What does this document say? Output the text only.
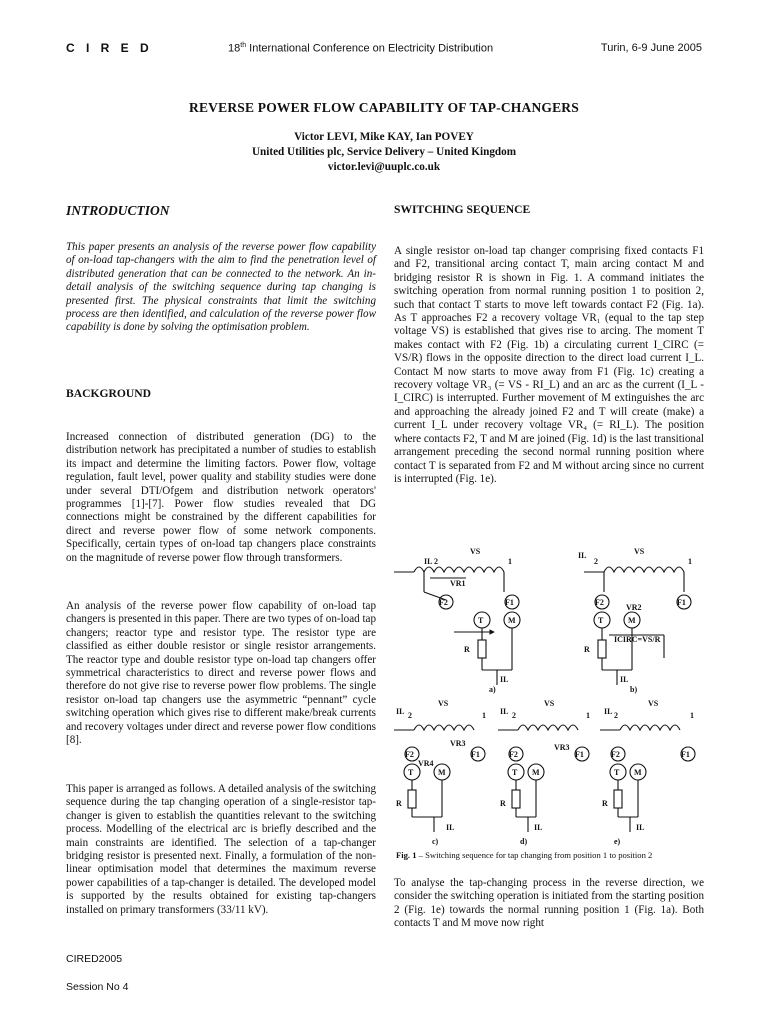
C I R E D	18th International Conference on Electricity Distribution	Turin, 6-9 June 2005
REVERSE POWER FLOW CAPABILITY OF TAP-CHANGERS
Victor LEVI, Mike KAY, Ian POVEY
United Utilities plc, Service Delivery – United Kingdom
victor.levi@uuplc.co.uk
INTRODUCTION

This paper presents an analysis of the reverse power flow capability of on-load tap-changers with the aim to find the penetration level of distributed generation that can be connected to the network. An in-detail analysis of the switching sequence during tap changing is presented first. The physical constraints that limit the switching process are then identified, and calculation of the reverse power flow capability is done by solving the optimisation problem.

BACKGROUND

Increased connection of distributed generation (DG) to the distribution network has precipitated a number of studies to establish its impact and determine the limiting factors. Power flow, voltage regulation, fault level, power quality and stability studies were done under several DTI/Ofgem and distribution network operators' programmes [1]-[7]. Power flow studies revealed that DG connections might be constrained by the different capabilities for direct and reverse power flow of some network components. Specifically, certain types of on-load tap changers place constraints on the magnitude of reverse power flow through transformers.

An analysis of the reverse power flow capability of on-load tap changers is presented in this paper. There are two types of on-load tap changers; reactor type and resistor type. The resistor type are classified as either double resistor or single resistor arrangements. The reactor type and double resistor type on-load tap changers offer symmetrical characteristics to direct and reverse power flows and therefore do not give rise to reverse power flow problems. The single resistor on-load tap changers use the asymmetric “pennant” cycle switching operation which gives rise to different make/break currents and recovery voltages under direct and reverse power flow conditions [8].

This paper is arranged as follows. A detailed analysis of the switching sequence during the tap changing operation of a single-resistor tap-changer is given to establish the quantities relevant to the switching process. Modelling of the electrical arc is briefly described and the main constraints are identified. The selection of a tap-changer bridging resistor is presented next. Finally, a formulation of the non-linear optimisation model that determines the maximum reverse power capabilities of a tap-changer is detailed. The developed model is supported by the results obtained for existing tap-changers installed on primary transformers (33/11 kV).

SWITCHING SEQUENCE

A single resistor on-load tap changer comprising fixed contacts F1 and F2, transitional arcing contact T, main arcing contact M and bridging resistor R is shown in Fig. 1. A command initiates the switching operation from normal running position 1 to position 2, such that contact T starts to move left towards contact F2 (Fig. 1a). As T approaches F2 a recovery voltage VR₁ (equal to the tap step voltage VS) is established that gives rise to arcing. The moment T makes contact with F2 (Fig. 1b) a circulating current I_CIRC (= VS/R) flows in the opposite direction to the direct load current I_L. Contact M now starts to move away from F1 (Fig. 1c) creating a recovery voltage VR₃ (= VS - RI_L) and an arc as the current (I_L - I_CIRC) is interrupted. Further movement of M extinguishes the arc and approaching the already joined F2 and T will create (make) a current I_L under recovery voltage VR₄ (= RI_L). The position where contacts F2, T and M are joined (Fig. 1d) is the last transitional arrangement preceding the second normal running position where contact T is separated from F2 and M without arcing since no current is interrupted (Fig. 1e).

IL
VS
2	1
VR1
F2	F1
T	M
R
IL
a)
IL	VS
2	1
VR2
F2	F1
T	M
ICIRC=VS/R
R
IL
b)
IL
VS
2	1
VR3
VR4
F2	F1
T	M
R
IL
c)
IL
VS
2	1
VR3
F2	F1
T M
R
IL
d)
IL
VS
2	1
F2	F1
T M
R
IL
e)
Fig. 1 – Switching sequence for tap changing from position 1 to position 2

To analyse the tap-changing process in the reverse direction, we consider the switching operation is initiated from the starting position 2 (Fig. 1e) towards the normal running position 1 (Fig. 1a). Both contacts T and M move now right

CIRED2005
Session No 4
